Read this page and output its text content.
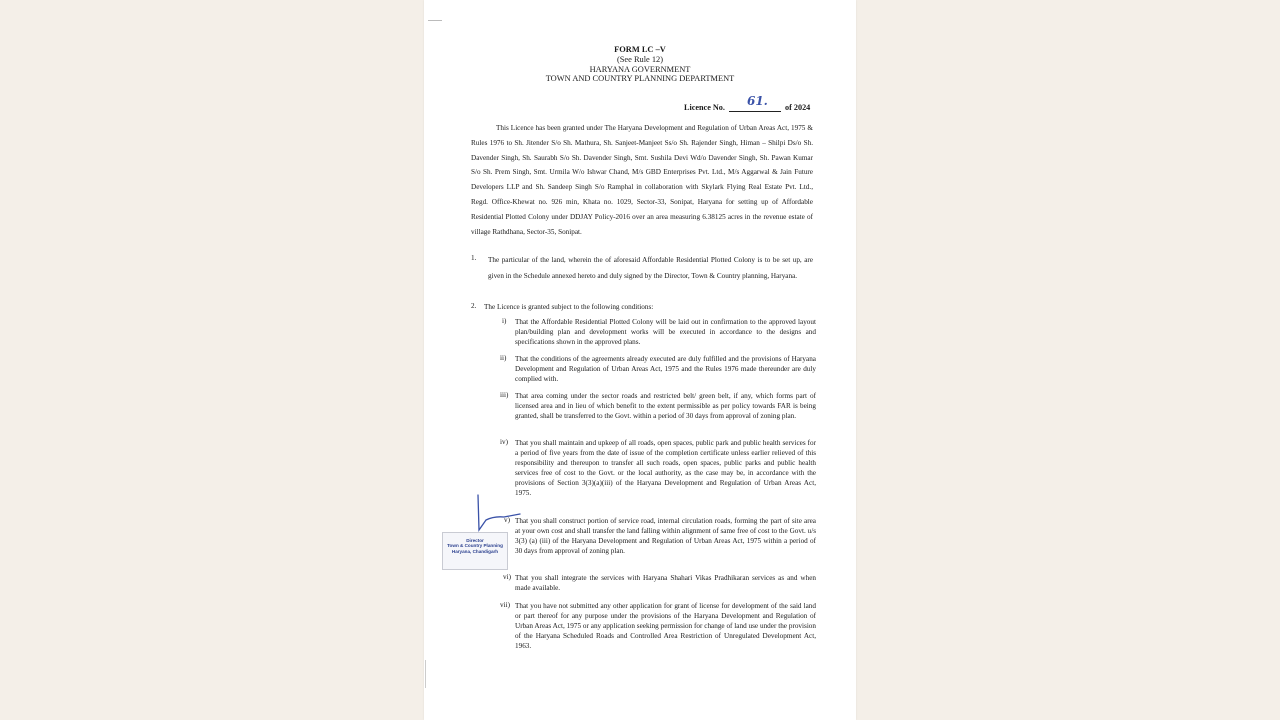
FORM LC –V
(See Rule 12)
HARYANA GOVERNMENT
TOWN AND COUNTRY PLANNING DEPARTMENT
Licence No. 61. of 2024

This Licence has been granted under The Haryana Development and Regulation of Urban Areas Act, 1975 & Rules 1976 to Sh. Jitender S/o Sh. Mathura, Sh. Sanjeet-Manjeet Ss/o Sh. Rajender Singh, Himan – Shilpi Ds/o Sh. Davender Singh, Sh. Saurabh S/o Sh. Davender Singh, Smt. Sushila Devi Wd/o Davender Singh, Sh. Pawan Kumar S/o Sh. Prem Singh, Smt. Urmila W/o Ishwar Chand, M/s GBD Enterprises Pvt. Ltd., M/s Aggarwal & Jain Future Developers LLP and Sh. Sandeep Singh S/o Ramphal in collaboration with Skylark Flying Real Estate Pvt. Ltd., Regd. Office-Khewat no. 926 min, Khata no. 1029, Sector-33, Sonipat, Haryana for setting up of Affordable Residential Plotted Colony under DDJAY Policy-2016 over an area measuring 6.38125 acres in the revenue estate of village Rathdhana, Sector-35, Sonipat.

1. The particular of the land, wherein the of aforesaid Affordable Residential Plotted Colony is to be set up, are given in the Schedule annexed hereto and duly signed by the Director, Town & Country planning, Haryana.

2. The Licence is granted subject to the following conditions:

i) That the Affordable Residential Plotted Colony will be laid out in confirmation to the approved layout plan/building plan and development works will be executed in accordance to the designs and specifications shown in the approved plans.

ii) That the conditions of the agreements already executed are duly fulfilled and the provisions of Haryana Development and Regulation of Urban Areas Act, 1975 and the Rules 1976 made thereunder are duly complied with.

iii) That area coming under the sector roads and restricted belt/ green belt, if any, which forms part of licensed area and in lieu of which benefit to the extent permissible as per policy towards FAR is being granted, shall be transferred to the Govt. within a period of 30 days from approval of zoning plan.

iv) That you shall maintain and upkeep of all roads, open spaces, public park and public health services for a period of five years from the date of issue of the completion certificate unless earlier relieved of this responsibility and thereupon to transfer all such roads, open spaces, public parks and public health services free of cost to the Govt. or the local authority, as the case may be, in accordance with the provisions of Section 3(3)(a)(iii) of the Haryana Development and Regulation of Urban Areas Act, 1975.

v) That you shall construct portion of service road, internal circulation roads, forming the part of site area at your own cost and shall transfer the land falling within alignment of same free of cost to the Govt. u/s 3(3) (a) (iii) of the Haryana Development and Regulation of Urban Areas Act, 1975 within a period of 30 days from approval of zoning plan.

vi) That you shall integrate the services with Haryana Shahari Vikas Pradhikaran services as and when made available.

vii) That you have not submitted any other application for grant of license for development of the said land or part thereof for any purpose under the provisions of the Haryana Development and Regulation of Urban Areas Act, 1975 or any application seeking permission for change of land use under the provision of the Haryana Scheduled Roads and Controlled Area Restriction of Unregulated Development Act, 1963.

Director
Town & Country Planning
Haryana, Chandigarh
